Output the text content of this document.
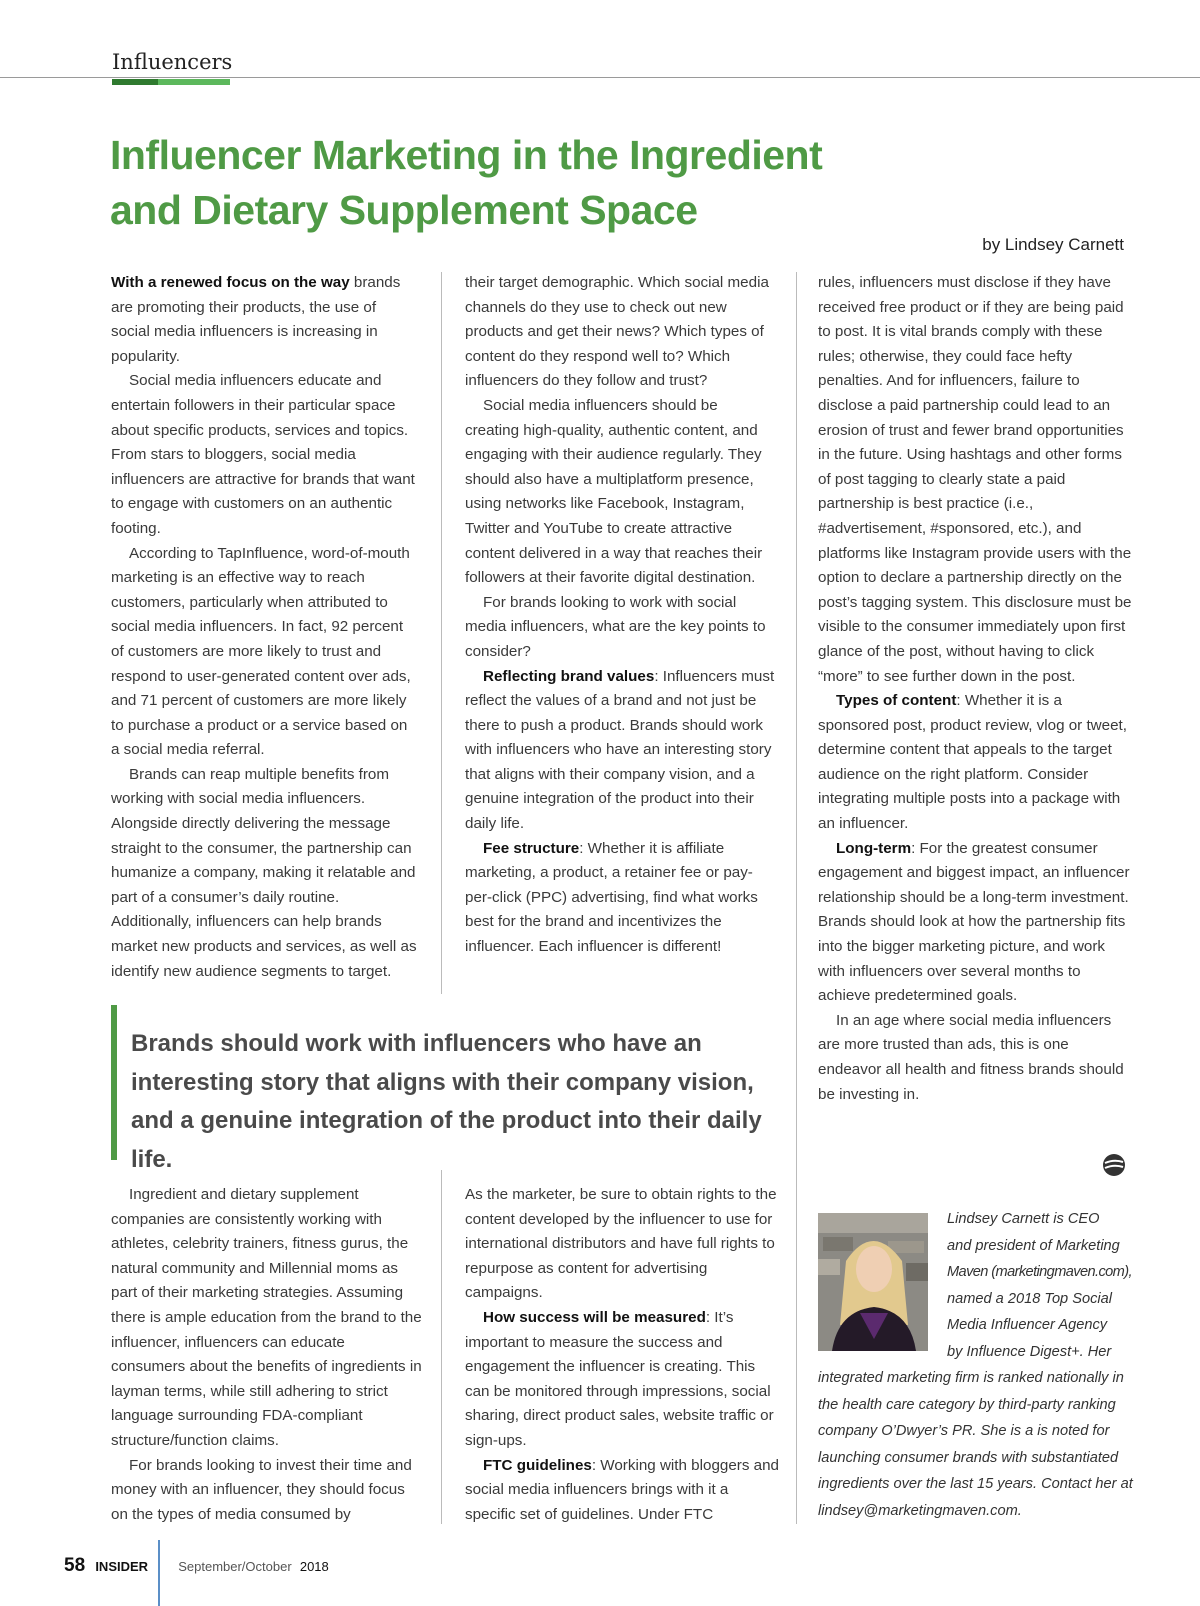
Influencers
Influencer Marketing in the Ingredient
and Dietary Supplement Space
by Lindsey Carnett

With a renewed focus on the way brands are promoting their products, the use of social media influencers is increasing in popularity.

Social media influencers educate and entertain followers in their particular space about specific products, services and topics. From stars to bloggers, social media influencers are attractive for brands that want to engage with customers on an authentic footing.

According to TapInfluence, word-of-mouth marketing is an effective way to reach customers, particularly when attributed to social media influencers. In fact, 92 percent of customers are more likely to trust and respond to user-generated content over ads, and 71 percent of customers are more likely to purchase a product or a service based on a social media referral.

Brands can reap multiple benefits from working with social media influencers. Alongside directly delivering the message straight to the consumer, the partnership can humanize a company, making it relatable and part of a consumer’s daily routine. Additionally, influencers can help brands market new products and services, as well as identify new audience segments to target.

their target demographic. Which social media channels do they use to check out new products and get their news? Which types of content do they respond well to? Which influencers do they follow and trust?

Social media influencers should be creating high-quality, authentic content, and engaging with their audience regularly. They should also have a multiplatform presence, using networks like Facebook, Instagram, Twitter and YouTube to create attractive content delivered in a way that reaches their followers at their favorite digital destination.

For brands looking to work with social media influencers, what are the key points to consider?

Reflecting brand values: Influencers must reflect the values of a brand and not just be there to push a product. Brands should work with influencers who have an interesting story that aligns with their company vision, and a genuine integration of the product into their daily life.

Fee structure: Whether it is affiliate marketing, a product, a retainer fee or pay-per-click (PPC) advertising, find what works best for the brand and incentivizes the influencer. Each influencer is different!

rules, influencers must disclose if they have received free product or if they are being paid to post. It is vital brands comply with these rules; otherwise, they could face hefty penalties. And for influencers, failure to disclose a paid partnership could lead to an erosion of trust and fewer brand opportunities in the future. Using hashtags and other forms of post tagging to clearly state a paid partnership is best practice (i.e., #advertisement, #sponsored, etc.), and platforms like Instagram provide users with the option to declare a partnership directly on the post’s tagging system. This disclosure must be visible to the consumer immediately upon first glance of the post, without having to click “more” to see further down in the post.

Types of content: Whether it is a sponsored post, product review, vlog or tweet, determine content that appeals to the target audience on the right platform. Consider integrating multiple posts into a package with an influencer.

Long-term: For the greatest consumer engagement and biggest impact, an influencer relationship should be a long-term investment. Brands should look at how the partnership fits into the bigger marketing picture, and work with influencers over several months to achieve predetermined goals.

In an age where social media influencers are more trusted than ads, this is one endeavor all health and fitness brands should be investing in.

Brands should work with influencers who have an interesting story that aligns with their company vision, and a genuine integration of the product into their daily life.

Ingredient and dietary supplement companies are consistently working with athletes, celebrity trainers, fitness gurus, the natural community and Millennial moms as part of their marketing strategies. Assuming there is ample education from the brand to the influencer, influencers can educate consumers about the benefits of ingredients in layman terms, while still adhering to strict language surrounding FDA-compliant structure/function claims.

For brands looking to invest their time and money with an influencer, they should focus on the types of media consumed by

As the marketer, be sure to obtain rights to the content developed by the influencer to use for international distributors and have full rights to repurpose as content for advertising campaigns.

How success will be measured: It’s important to measure the success and engagement the influencer is creating. This can be monitored through impressions, social sharing, direct product sales, website traffic or sign-ups.

FTC guidelines: Working with bloggers and social media influencers brings with it a specific set of guidelines. Under FTC

Lindsey Carnett is CEO
and president of Marketing
Maven (marketingmaven.com),
named a 2018 Top Social
Media Influencer Agency
by Influence Digest+. Her
integrated marketing firm is ranked nationally in
the health care category by third-party ranking
company O’Dwyer’s PR. She is a is noted for
launching consumer brands with substantiated
ingredients over the last 15 years. Contact her at
lindsey@marketingmaven.com.
58 INSIDER September/October 2018
